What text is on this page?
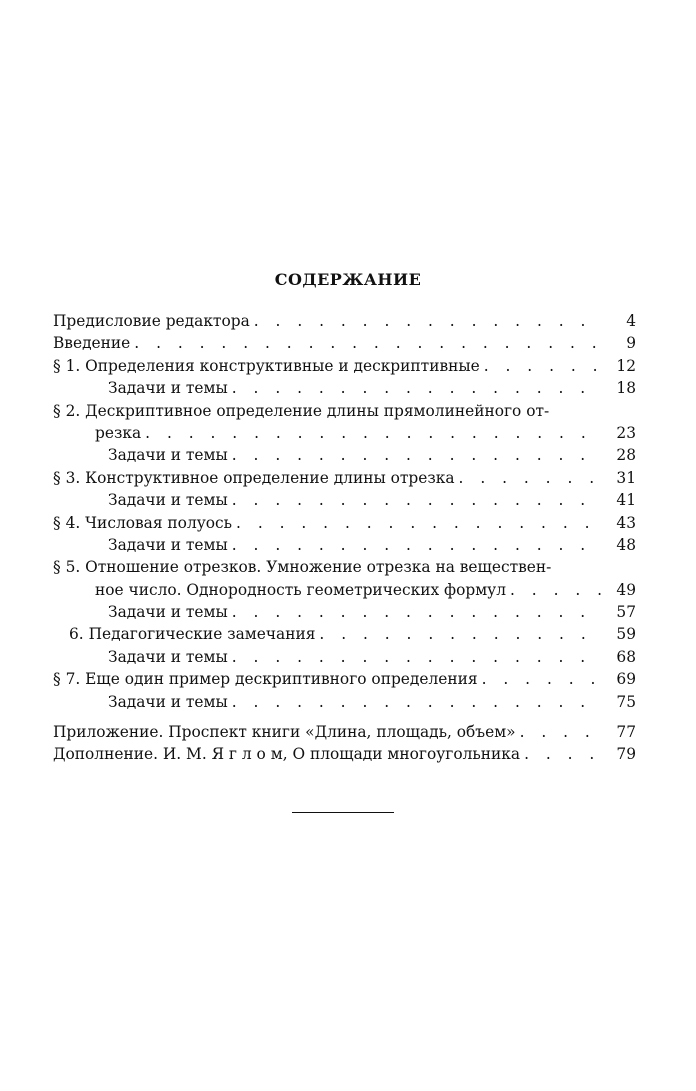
СОДЕРЖАНИЕ
Предисловие редактора . . .	4
Введение . . .	9
§ 1. Определения конструктивные и дескриптивные . . .	12
Задачи и темы . . .	18
§ 2. Дескриптивное определение длины прямолинейного от-
резка . . .	23
Задачи и темы . . .	28
§ 3. Конструктивное определение длины отрезка . . .	31
Задачи и темы . . .	41
§ 4. Числовая полуось . . .	43
Задачи и темы . . .	48
§ 5. Отношение отрезков. Умножение отрезка на веществен-
ное число. Однородность геометрических формул . . .	49
Задачи и темы . . .	57
6. Педагогические замечания . . .	59
Задачи и темы . . .	68
§ 7. Еще один пример дескриптивного определения . . .	69
Задачи и темы . . .	75
Приложение. Проспект книги «Длина, площадь, объем» . . .	77
Дополнение. И. М. Я г л о м, О площади многоугольника . . .	79
